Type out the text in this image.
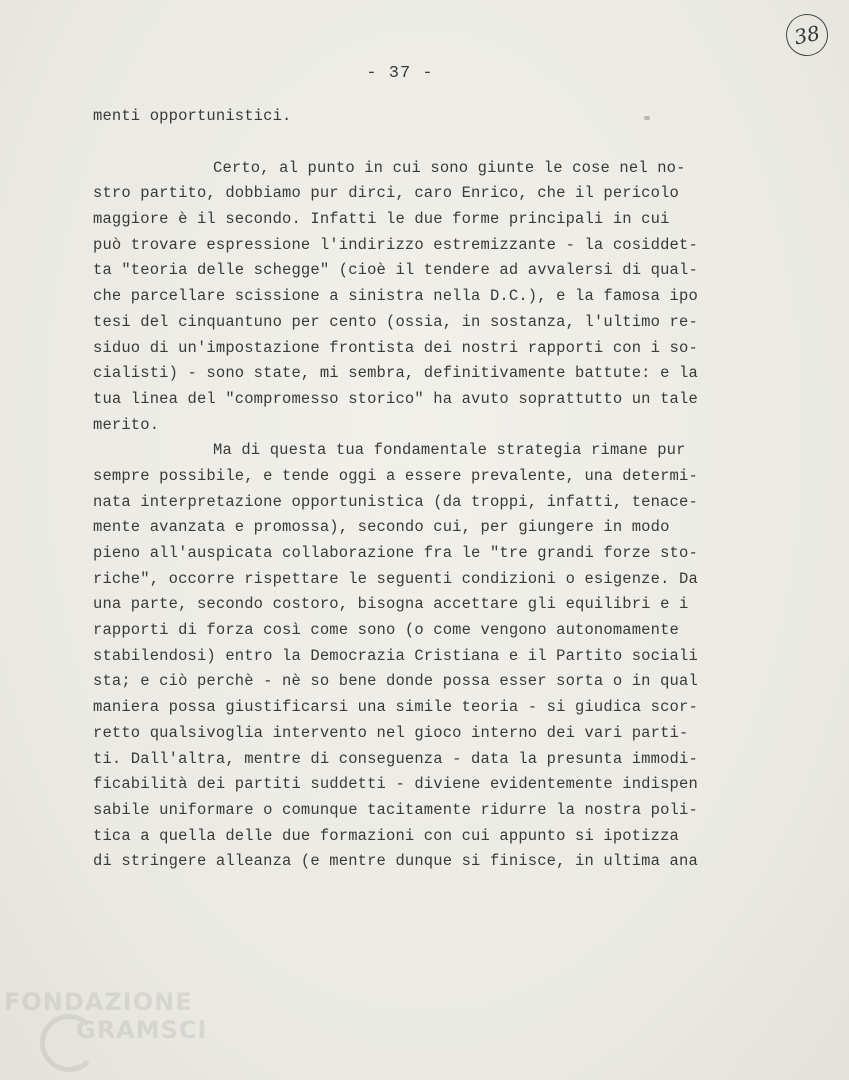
38
- 37 -
menti opportunistici.
Certo, al punto in cui sono giunte le cose nel no-
stro partito, dobbiamo pur dirci, caro Enrico, che il pericolo
maggiore è il secondo. Infatti le due forme principali in cui
può trovare espressione l'indirizzo estremizzante - la cosiddet-
ta "teoria delle schegge" (cioè il tendere ad avvalersi di qual-
che parcellare scissione a sinistra nella D.C.), e la famosa ipo
tesi del cinquantuno per cento (ossia, in sostanza, l'ultimo re-
siduo di un'impostazione frontista dei nostri rapporti con i so-
cialisti) - sono state, mi sembra, definitivamente battute: e la
tua linea del "compromesso storico" ha avuto soprattutto un tale
merito.
Ma di questa tua fondamentale strategia rimane pur
sempre possibile, e tende oggi a essere prevalente, una determi-
nata interpretazione opportunistica (da troppi, infatti, tenace-
mente avanzata e promossa), secondo cui, per giungere in modo
pieno all'auspicata collaborazione fra le "tre grandi forze sto-
riche", occorre rispettare le seguenti condizioni o esigenze. Da
una parte, secondo costoro, bisogna accettare gli equilibri e i
rapporti di forza così come sono (o come vengono autonomamente
stabilendosi) entro la Democrazia Cristiana e il Partito sociali
sta; e ciò perchè - nè so bene donde possa esser sorta o in qual
maniera possa giustificarsi una simile teoria - si giudica scor-
retto qualsivoglia intervento nel gioco interno dei vari parti-
ti. Dall'altra, mentre di conseguenza - data la presunta immodi-
ficabilità dei partiti suddetti - diviene evidentemente indispen
sabile uniformare o comunque tacitamente ridurre la nostra poli-
tica a quella delle due formazioni con cui appunto si ipotizza
di stringere alleanza (e mentre dunque si finisce, in ultima ana
FONDAZIONE
GRAMSCI
